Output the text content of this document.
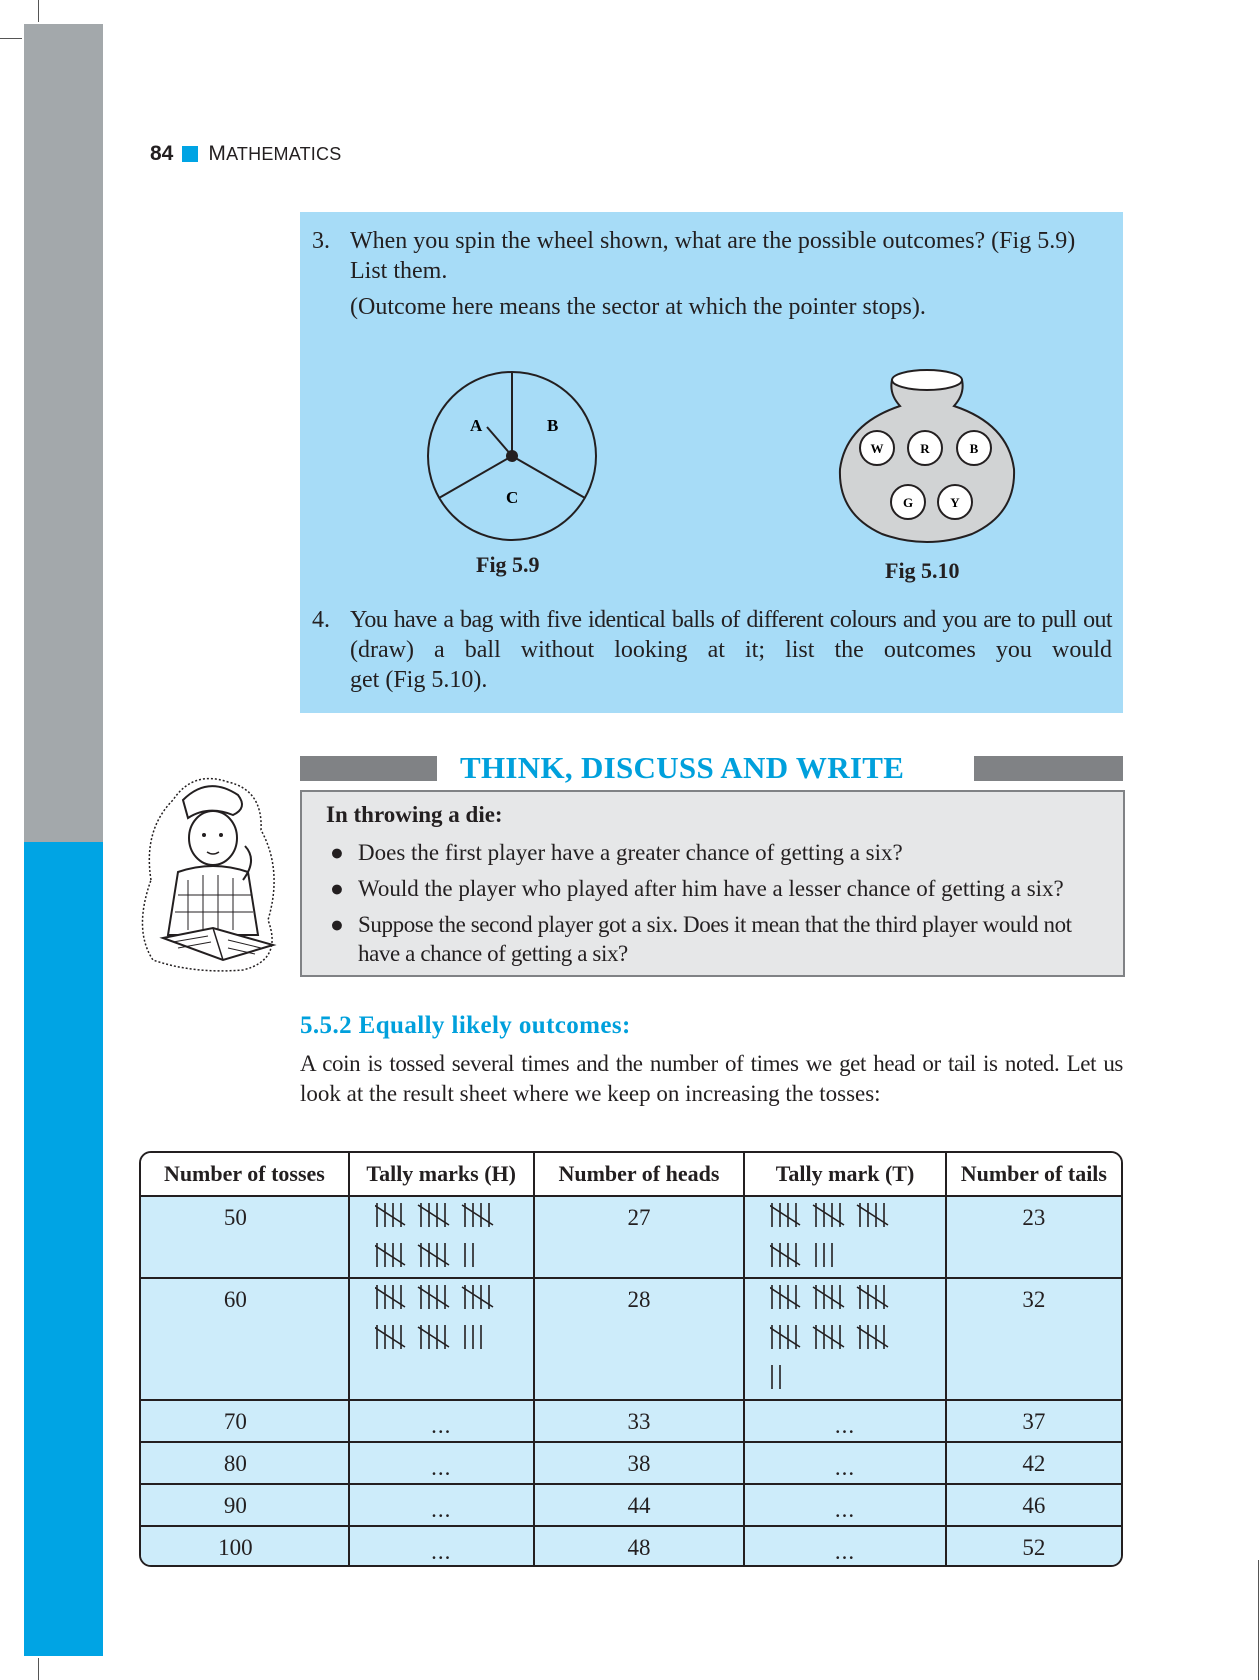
84 MATHEMATICS
3. When you spin the wheel shown, what are the possible outcomes? (Fig 5.9)
List them.
(Outcome here means the sector at which the pointer stops).
A	B
C
Fig 5.9
W	R	B
G	Y
Fig 5.10
4. You have a bag with five identical balls of different colours and you are to pull out
(draw) a ball without looking at it; list the outcomes you would
get (Fig 5.10).
THINK, DISCUSS AND WRITE
In throwing a die:
● Does the first player have a greater chance of getting a six?
● Would the player who played after him have a lesser chance of getting a six?
● Suppose the second player got a six. Does it mean that the third player would not
have a chance of getting a six?
5.5.2 Equally likely outcomes:
A coin is tossed several times and the number of times we get head or tail is noted. Let us
look at the result sheet where we keep on increasing the tosses:
Number of tosses	Tally marks (H)	Number of heads	Tally mark (T)	Number of tails

50		27		23

60		28		32

70	...	33	...	37

80	...	38	...	42

90	...	44	...	46

100	...	48	...	52
